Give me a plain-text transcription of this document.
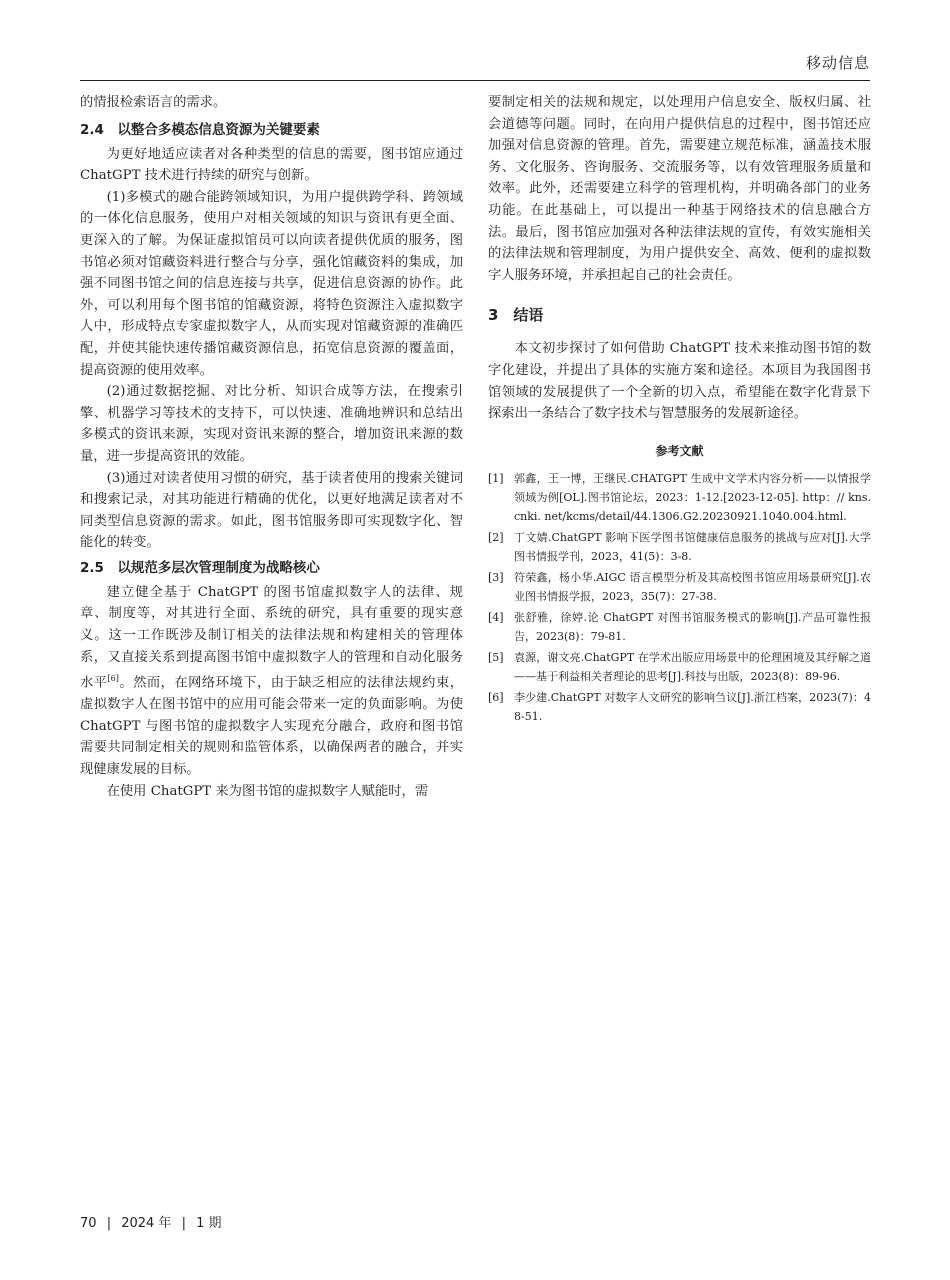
移动信息

的情报检索语言的需求。

2.4　以整合多模态信息资源为关键要素

为更好地适应读者对各种类型的信息的需要，图书馆应通过 ChatGPT 技术进行持续的研究与创新。

(1)多模式的融合能跨领域知识，为用户提供跨学科、跨领域的一体化信息服务，使用户对相关领域的知识与资讯有更全面、更深入的了解。为保证虚拟馆员可以向读者提供优质的服务，图书馆必须对馆藏资料进行整合与分享，强化馆藏资料的集成，加强不同图书馆之间的信息连接与共享，促进信息资源的协作。此外，可以利用每个图书馆的馆藏资源，将特色资源注入虚拟数字人中，形成特点专家虚拟数字人，从而实现对馆藏资源的准确匹配，并使其能快速传播馆藏资源信息，拓宽信息资源的覆盖面，提高资源的使用效率。

(2)通过数据挖掘、对比分析、知识合成等方法，在搜索引擎、机器学习等技术的支持下，可以快速、准确地辨识和总结出多模式的资讯来源，实现对资讯来源的整合，增加资讯来源的数量，进一步提高资讯的效能。

(3)通过对读者使用习惯的研究，基于读者使用的搜索关键词和搜索记录，对其功能进行精确的优化，以更好地满足读者对不同类型信息资源的需求。如此，图书馆服务即可实现数字化、智能化的转变。

2.5　以规范多层次管理制度为战略核心

建立健全基于 ChatGPT 的图书馆虚拟数字人的法律、规章、制度等，对其进行全面、系统的研究，具有重要的现实意义。这一工作既涉及制订相关的法律法规和构建相关的管理体系，又直接关系到提高图书馆中虚拟数字人的管理和自动化服务水平[6]。然而，在网络环境下，由于缺乏相应的法律法规约束，虚拟数字人在图书馆中的应用可能会带来一定的负面影响。为使 ChatGPT 与图书馆的虚拟数字人实现充分融合，政府和图书馆需要共同制定相关的规则和监管体系，以确保两者的融合，并实现健康发展的目标。

在使用 ChatGPT 来为图书馆的虚拟数字人赋能时，需

要制定相关的法规和规定，以处理用户信息安全、版权归属、社会道德等问题。同时，在向用户提供信息的过程中，图书馆还应加强对信息资源的管理。首先，需要建立规范标准，涵盖技术服务、文化服务、咨询服务、交流服务等，以有效管理服务质量和效率。此外，还需要建立科学的管理机构，并明确各部门的业务功能。在此基础上，可以提出一种基于网络技术的信息融合方法。最后，图书馆应加强对各种法律法规的宣传，有效实施相关的法律法规和管理制度，为用户提供安全、高效、便利的虚拟数字人服务环境，并承担起自己的社会责任。

3　结语

本文初步探讨了如何借助 ChatGPT 技术来推动图书馆的数字化建设，并提出了具体的实施方案和途径。本项目为我国图书馆领域的发展提供了一个全新的切入点，希望能在数字化背景下探索出一条结合了数字技术与智慧服务的发展新途径。

参考文献
[1] 郭鑫，王一博，王继民.CHATGPT 生成中文学术内容分析——以情报学领域为例[OL].图书馆论坛，2023：1-12.[2023-12-05]. http：// kns. cnki. net/kcms/detail/44.1306.G2.20230921.1040.004.html.
[2] 丁文婧.ChatGPT 影响下医学图书馆健康信息服务的挑战与应对[J].大学图书情报学刊，2023，41(5)：3-8.
[3] 符荣鑫，杨小华.AIGC 语言模型分析及其高校图书馆应用场景研究[J].农业图书情报学报，2023，35(7)：27-38.
[4] 张舒雅，徐婷.论 ChatGPT 对图书馆服务模式的影响[J].产品可靠性报告，2023(8)：79-81.
[5] 袁源，谢文亮.ChatGPT 在学术出版应用场景中的伦理困境及其纾解之道——基于利益相关者理论的思考[J].科技与出版，2023(8)：89-96.
[6] 李少建.ChatGPT 对数字人文研究的影响刍议[J].浙江档案，2023(7)：48-51.
70 | 2024 年 | 1 期
